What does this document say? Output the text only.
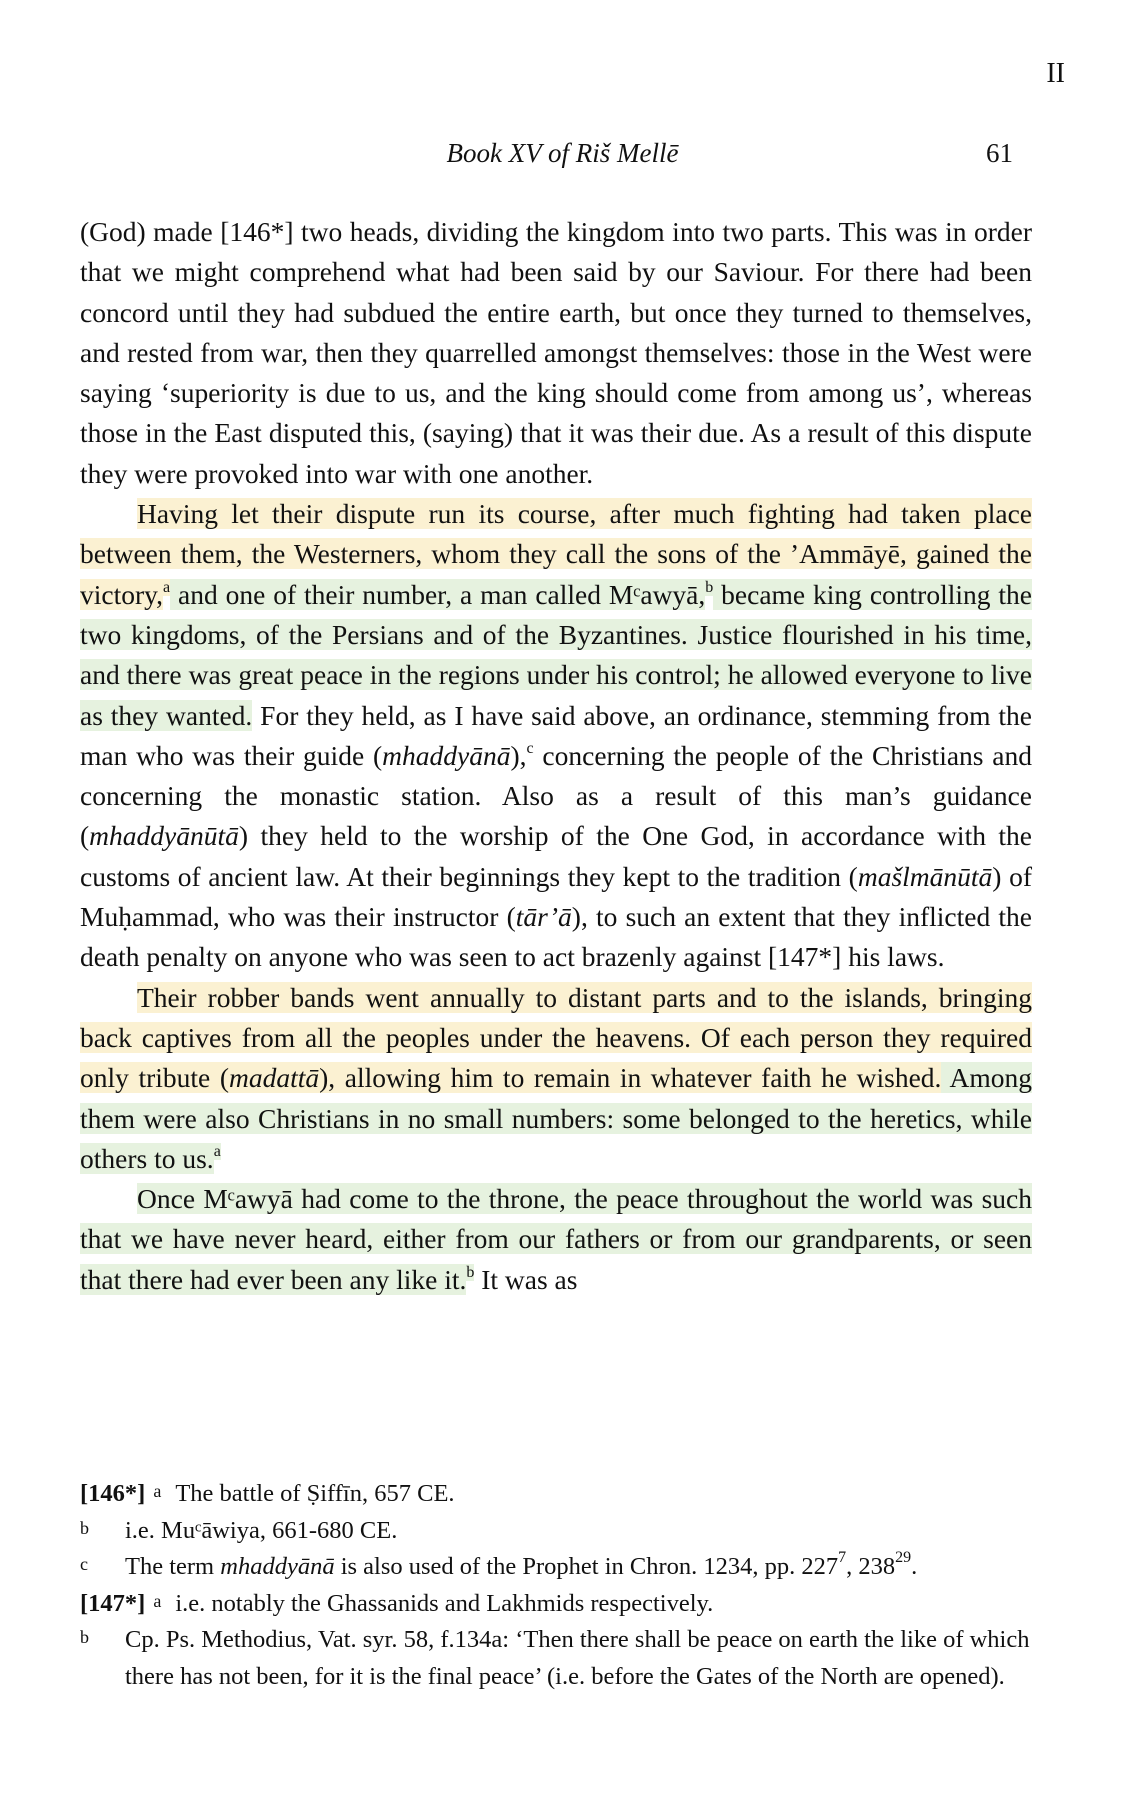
II
Book XV of Riš Mellē	61

(God) made [146*] two heads, dividing the kingdom into two parts. This was in order that we might comprehend what had been said by our Saviour. For there had been concord until they had subdued the entire earth, but once they turned to themselves, and rested from war, then they quarrelled amongst themselves: those in the West were saying ‘superiority is due to us, and the king should come from among us’, whereas those in the East disputed this, (saying) that it was their due. As a result of this dispute they were provoked into war with one another.

Having let their dispute run its course, after much fighting had taken place between them, the Westerners, whom they call the sons of the ’Ammāyē, gained the victory,$^a$ and one of their number, a man called Mᶜawyā,$^b$ became king controlling the two kingdoms, of the Persians and of the Byzantines. Justice flourished in his time, and there was great peace in the regions under his control; he allowed everyone to live as they wanted. For they held, as I have said above, an ordinance, stemming from the man who was their guide (mhaddyānā),$^c$ concerning the people of the Christians and concerning the monastic station. Also as a result of this man’s guidance (mhaddyānūtā) they held to the worship of the One God, in accordance with the customs of ancient law. At their beginnings they kept to the tradition (mašlmānūtā) of Muḥammad, who was their instructor (tār’ā), to such an extent that they inflicted the death penalty on anyone who was seen to act brazenly against [147*] his laws.

Their robber bands went annually to distant parts and to the islands, bringing back captives from all the peoples under the heavens. Of each person they required only tribute (madattā), allowing him to remain in whatever faith he wished. Among them were also Christians in no small numbers: some belonged to the heretics, while others to us.$^a$

Once Mᶜawyā had come to the throne, the peace throughout the world was such that we have never heard, either from our fathers or from our grandparents, or seen that there had ever been any like it.$^b$ It was as

[146*] a The battle of Ṣiffīn, 657 CE.
b	i.e. Muᶜāwiya, 661-680 CE.
c	The term mhaddyānā is also used of the Prophet in Chron. 1234, pp. $227^7$, $238^{29}$.
[147*] a i.e. notably the Ghassanids and Lakhmids respectively.
b	Cp. Ps. Methodius, Vat. syr. 58, f.134a: ‘Then there shall be peace on earth the like of which there has not been, for it is the final peace’ (i.e. before the Gates of the North are opened).
